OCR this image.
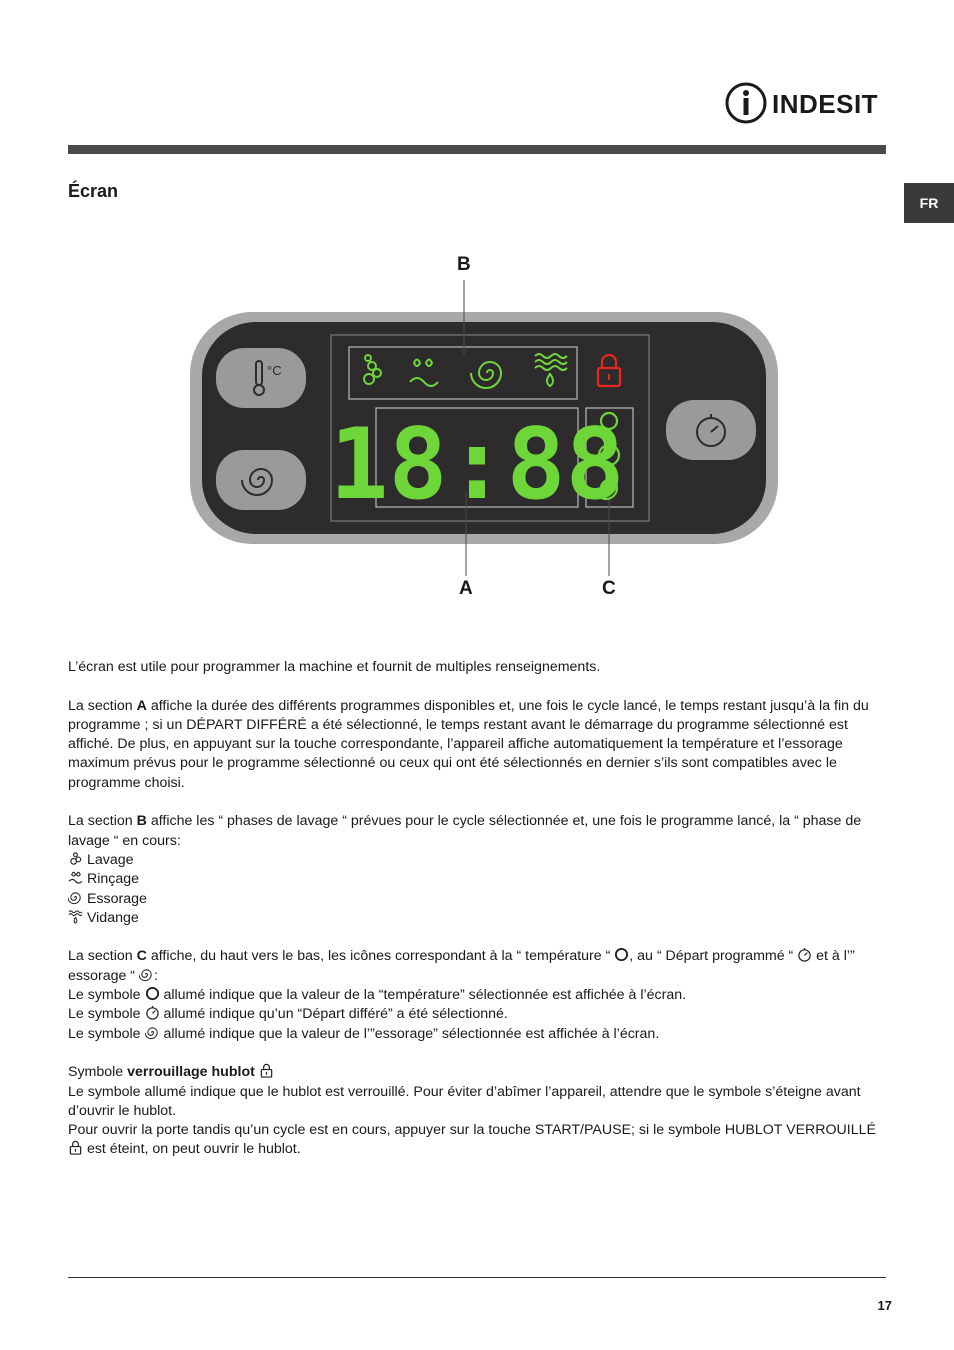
INDESIT
FR
Écran
°C
18:88
B
A	C

L’écran est utile pour programmer la machine et fournit de multiples renseignements.

La section A affiche la durée des différents programmes disponibles et, une fois le cycle lancé, le temps restant jusqu’à la fin du programme ; si un DÉPART DIFFÉRÉ a été sélectionné, le temps restant avant le démarrage du programme sélectionné est affiché. De plus, en appuyant sur la touche correspondante, l’appareil affiche automatiquement la température et l’essorage maximum prévus pour le programme sélectionné ou ceux qui ont été sélectionnés en dernier s’ils sont compatibles avec le programme choisi.

La section B affiche les “ phases de lavage “ prévues pour le cycle sélectionnée et, une fois le programme lancé, la “ phase de lavage “ en cours:
Lavage
Rinçage
Essorage
Vidange

La section C affiche, du haut vers le bas, les icônes correspondant à la “ température “ , au “ Départ programmé “  et à l’” essorage “ :
Le symbole  allumé indique que la valeur de la “température” sélectionnée est affichée à l’écran.
Le symbole  allumé indique qu’un “Départ différé” a été sélectionné.
Le symbole  allumé indique que la valeur de l’”essorage” sélectionnée est affichée à l’écran.

Symbole verrouillage hublot
Le symbole allumé indique que le hublot est verrouillé. Pour éviter d’abîmer l’appareil, attendre que le symbole s’éteigne avant d’ouvrir le hublot.
Pour ouvrir la porte tandis qu’un cycle est en cours, appuyer sur la touche START/PAUSE; si le symbole HUBLOT VERROUILLÉ  est éteint, on peut ouvrir le hublot.

17
